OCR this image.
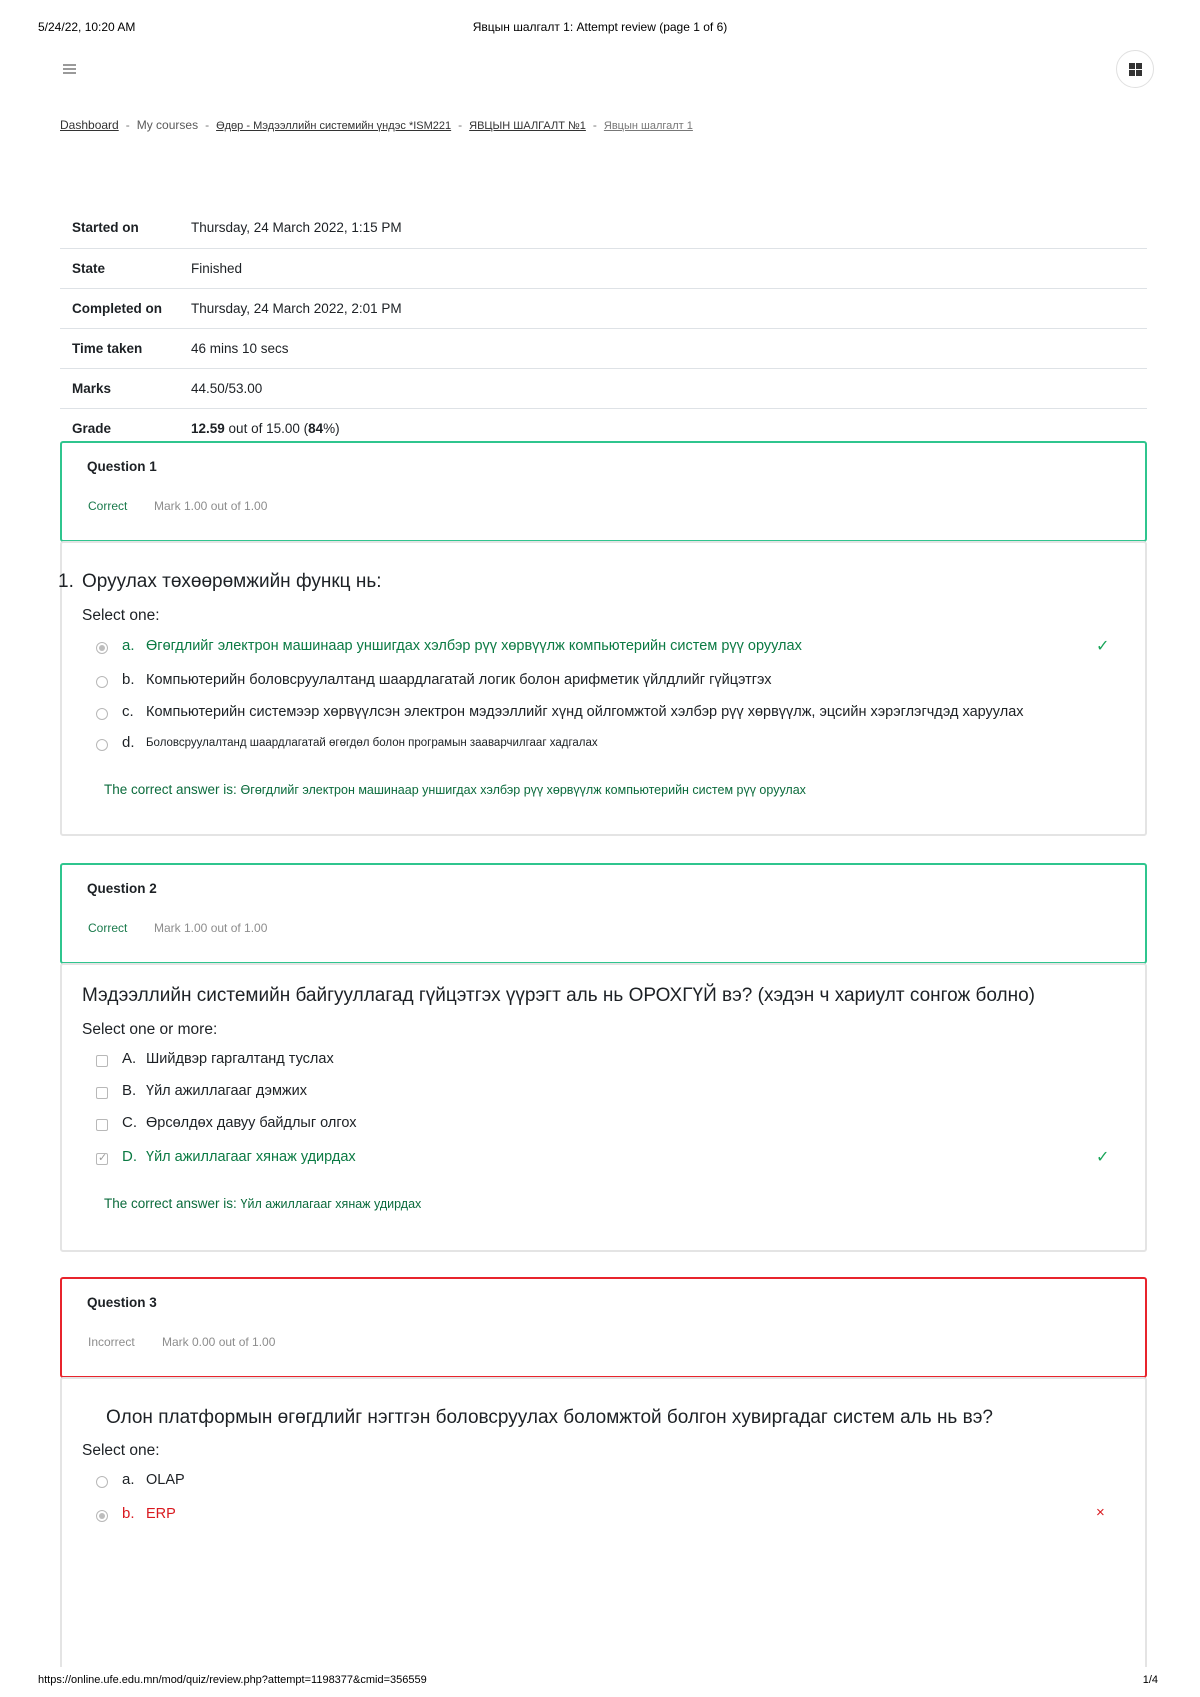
5/24/22, 10:20 AM	Явцын шалгалт 1: Attempt review (page 1 of 6)
Dashboard - My courses - Өдөр - Мэдээллийн системийн үндэс *ISM221 - ЯВЦЫН ШАЛГАЛТ №1 - Явцын шалгалт 1
Started on	Thursday, 24 March 2022, 1:15 PM
State	Finished
Completed on	Thursday, 24 March 2022, 2:01 PM
Time taken	46 mins 10 secs
Marks	44.50/53.00
Grade	12.59 out of 15.00 (84%)
Question 1
Correct Mark 1.00 out of 1.00
1. Оруулах төхөөрөмжийн функц нь:
Select one:
a. Өгөгдлийг электрон машинаар уншигдах хэлбэр рүү хөрвүүлж компьютерийн систем рүү оруулах	✓
b. Компьютерийн боловсруулалтанд шаардлагатай логик болон арифметик үйлдлийг гүйцэтгэх
c. Компьютерийн системээр хөрвүүлсэн электрон мэдээллийг хүнд ойлгомжтой хэлбэр рүү хөрвүүлж, эцсийн хэрэглэгчдэд харуулах
d. Боловсруулалтанд шаардлагатай өгөгдөл болон програмын зааварчилгааг хадгалах
The correct answer is: Өгөгдлийг электрон машинаар уншигдах хэлбэр рүү хөрвүүлж компьютерийн систем рүү оруулах
Question 2
Correct Mark 1.00 out of 1.00
Мэдээллийн системийн байгууллагад гүйцэтгэх үүрэгт аль нь ОРОХГҮЙ вэ? (хэдэн ч хариулт сонгож болно)
Select one or more:
A. Шийдвэр гаргалтанд туслах
B. Үйл ажиллагааг дэмжих
C. Өрсөлдөх давуу байдлыг олгох
✓
D. Үйл ажиллагааг хянаж удирдах	✓
The correct answer is: Үйл ажиллагааг хянаж удирдах
Question 3
Incorrect Mark 0.00 out of 1.00
Олон платформын өгөгдлийг нэгтгэн боловсруулах боломжтой болгон хувиргадаг систем аль нь вэ?
Select one:
a. OLAP
b. ERP	×
https://online.ufe.edu.mn/mod/quiz/review.php?attempt=1198377&cmid=356559	1/4
